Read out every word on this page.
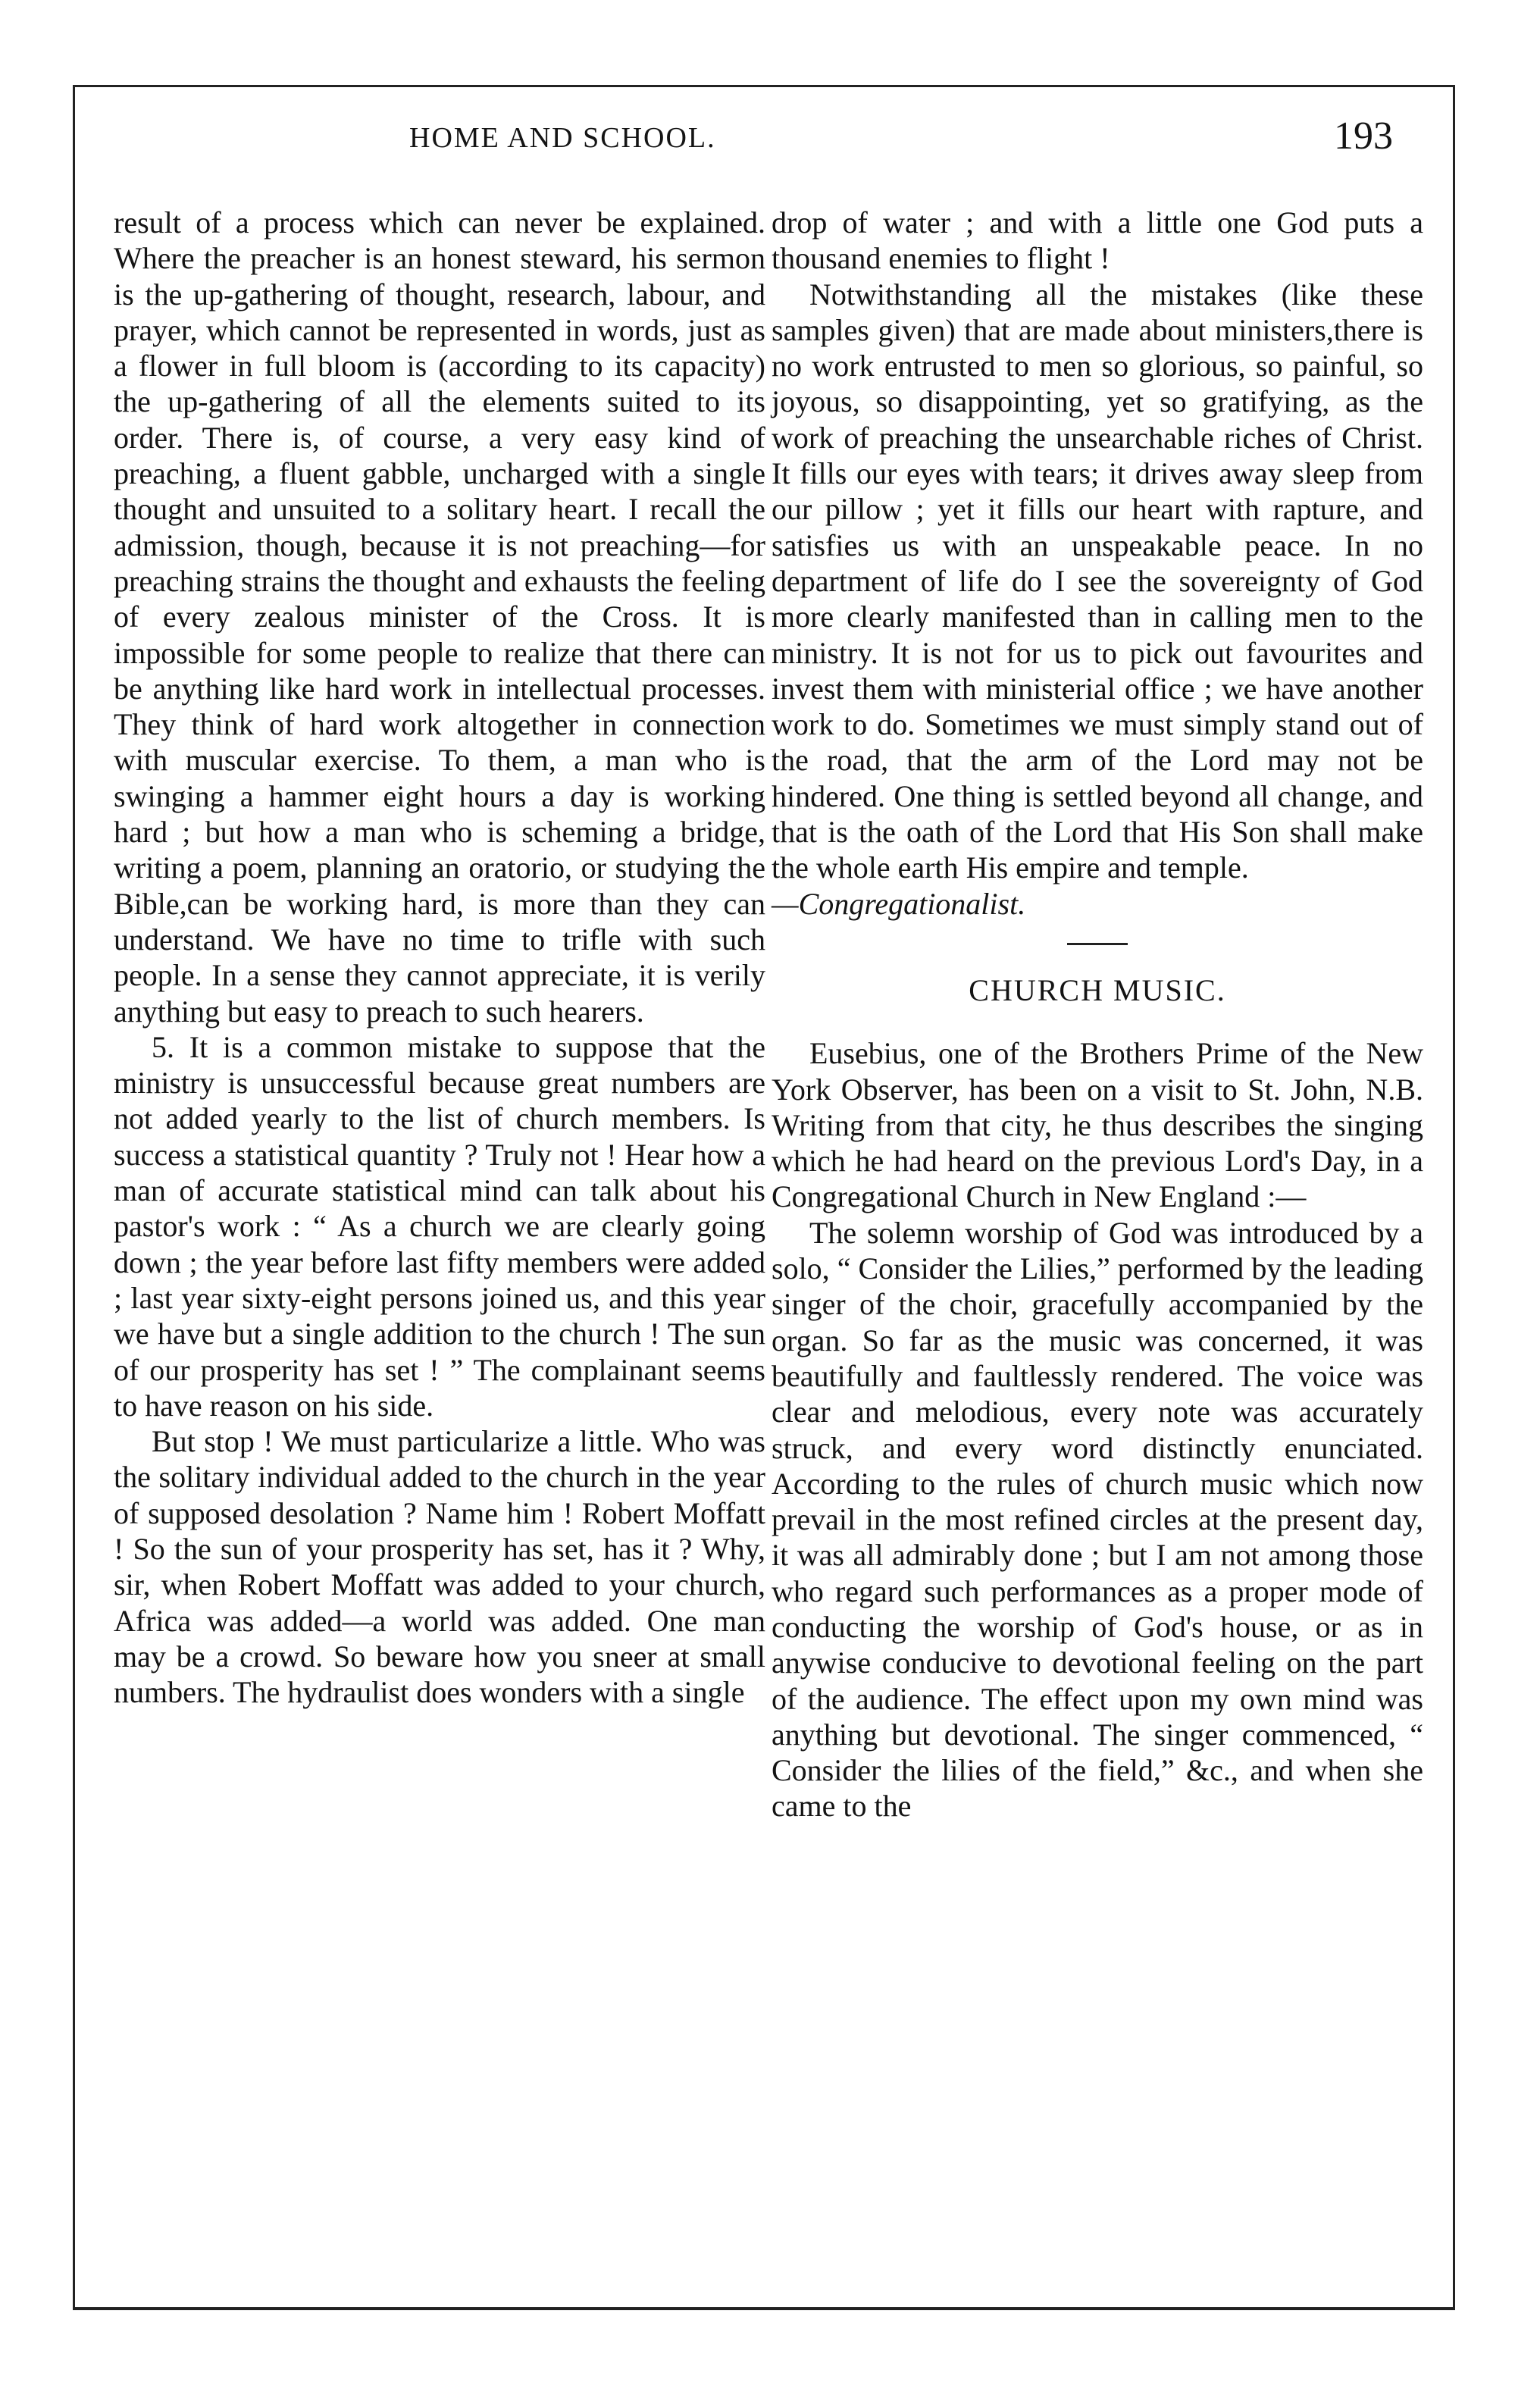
HOME AND SCHOOL.	193

result of a process which can never be explained. Where the preacher is an honest steward, his sermon is the up-gathering of thought, research, labour, and prayer, which cannot be represented in words, just as a flower in full bloom is (according to its capacity) the up-gathering of all the elements suited to its order. There is, of course, a very easy kind of preaching, a fluent gabble, uncharged with a single thought and unsuited to a solitary heart. I recall the admission, though, because it is not preaching—for preaching strains the thought and exhausts the feeling of every zealous minister of the Cross. It is impossible for some people to realize that there can be anything like hard work in intellectual processes. They think of hard work altogether in connection with muscular exercise. To them, a man who is swinging a hammer eight hours a day is working hard ; but how a man who is scheming a bridge, writing a poem, planning an oratorio, or studying the Bible,can be working hard, is more than they can understand. We have no time to trifle with such people. In a sense they cannot appreciate, it is verily anything but easy to preach to such hearers.

5. It is a common mistake to suppose that the ministry is unsuccessful because great numbers are not added yearly to the list of church members. Is success a statistical quantity ? Truly not ! Hear how a man of accurate statistical mind can talk about his pastor's work : “ As a church we are clearly going down ; the year before last fifty members were added ; last year sixty-eight persons joined us, and this year we have but a single addition to the church ! The sun of our prosperity has set ! ” The complainant seems to have reason on his side.

But stop ! We must particularize a little. Who was the solitary individual added to the church in the year of supposed desolation ? Name him ! Robert Moffatt ! So the sun of your prosperity has set, has it ? Why, sir, when Robert Moffatt was added to your church, Africa was added—a world was added. One man may be a crowd. So beware how you sneer at small numbers. The hydraulist does wonders with a single

drop of water ; and with a little one God puts a thousand enemies to flight !

Notwithstanding all the mistakes (like these samples given) that are made about ministers,there is no work entrusted to men so glorious, so painful, so joyous, so disappointing, yet so gratifying, as the work of preaching the unsearchable riches of Christ. It fills our eyes with tears; it drives away sleep from our pillow ; yet it fills our heart with rapture, and satisfies us with an unspeakable peace. In no department of life do I see the sovereignty of God more clearly manifested than in calling men to the ministry. It is not for us to pick out favourites and invest them with ministerial office ; we have another work to do. Sometimes we must simply stand out of the road, that the arm of the Lord may not be hindered. One thing is settled beyond all change, and that is the oath of the Lord that His Son shall make the whole earth His empire and temple.

—Congregationalist.

CHURCH MUSIC.

Eusebius, one of the Brothers Prime of the New York Observer, has been on a visit to St. John, N.B. Writing from that city, he thus describes the singing which he had heard on the previous Lord's Day, in a Congregational Church in New England :—

The solemn worship of God was introduced by a solo, “ Consider the Lilies,” performed by the leading singer of the choir, gracefully accompanied by the organ. So far as the music was concerned, it was beautifully and faultlessly rendered. The voice was clear and melodious, every note was accurately struck, and every word distinctly enunciated. According to the rules of church music which now prevail in the most refined circles at the present day, it was all admirably done ; but I am not among those who regard such performances as a proper mode of conducting the worship of God's house, or as in anywise conducive to devotional feeling on the part of the audience. The effect upon my own mind was anything but devotional. The singer commenced, “ Consider the lilies of the field,” &c., and when she came to the
